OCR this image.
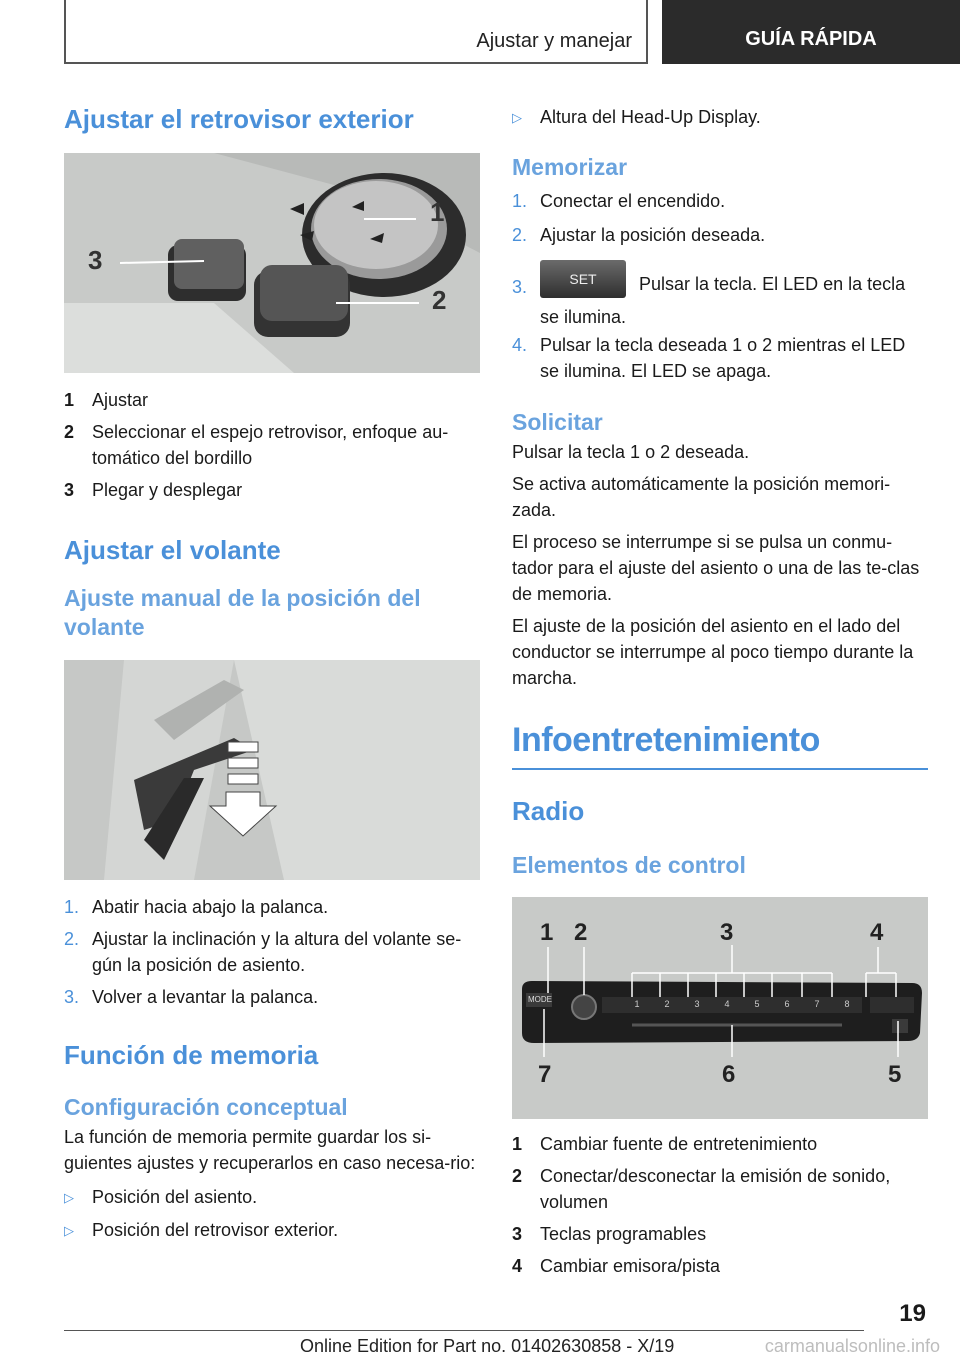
Ajustar y manejar	GUÍA RÁPIDA
Ajustar el retrovisor exterior
1
2
3
1 Ajustar
2 Seleccionar el espejo retrovisor, enfoque au-tomático del bordillo
3 Plegar y desplegar
Ajustar el volante
Ajuste manual de la posición del volante
1. Abatir hacia abajo la palanca.
2. Ajustar la inclinación y la altura del volante se-gún la posición de asiento.
3. Volver a levantar la palanca.
Función de memoria
Configuración conceptual

La función de memoria permite guardar los si-guientes ajustes y recuperarlos en caso necesa-rio:

▷	Posición del asiento.
▷	Posición del retrovisor exterior.
▷	Altura del Head-Up Display.
Memorizar
1. Conectar el encendido.
2. Ajustar la posición deseada.
3.	SET Pulsar la tecla. El LED en la tecla se ilumina.
4. Pulsar la tecla deseada 1 o 2 mientras el LED se ilumina. El LED se apaga.
Solicitar

Pulsar la tecla 1 o 2 deseada.

Se activa automáticamente la posición memori-zada.

El proceso se interrumpe si se pulsa un conmu-tador para el ajuste del asiento o una de las te-clas de memoria.

El ajuste de la posición del asiento en el lado del conductor se interrumpe al poco tiempo durante la marcha.

Infoentretenimiento
Radio
Elementos de control
1 2	3	4
5
6
7
MODE	1	2	3	4	5	6	7	8
1 Cambiar fuente de entretenimiento
2 Conectar/desconectar la emisión de sonido, volumen
3 Teclas programables
4 Cambiar emisora/pista
19
Online Edition for Part no. 01402630858 - X/19	carmanualsonline.info
